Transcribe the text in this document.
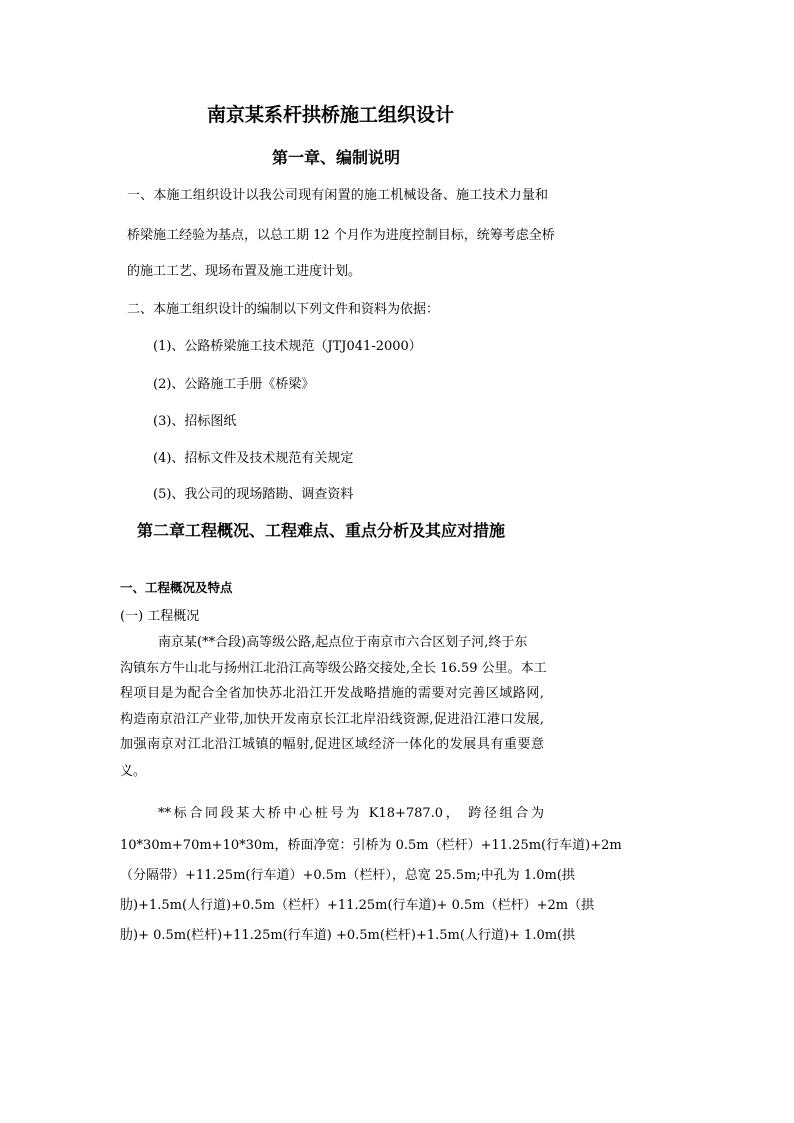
南京某系杆拱桥施工组织设计
第一章、编制说明
一、本施工组织设计以我公司现有闲置的施工机械设备、施工技术力量和
桥梁施工经验为基点，以总工期 12 个月作为进度控制目标，统筹考虑全桥
的施工工艺、现场布置及施工进度计划。
二、本施工组织设计的编制以下列文件和资料为依据：
(1)、公路桥梁施工技术规范（JTJ041-2000）
(2)、公路施工手册《桥梁》
(3)、招标图纸
(4)、招标文件及技术规范有关规定
(5)、我公司的现场踏勘、调查资料
第二章工程概况、工程难点、重点分析及其应对措施
一、工程概况及特点
(一) 工程概况
南京某(**合段)高等级公路,起点位于南京市六合区划子河,终于东
沟镇东方牛山北与扬州江北沿江高等级公路交接处,全长 16.59 公里。本工
程项目是为配合全省加快苏北沿江开发战略措施的需要对完善区域路网,
构造南京沿江产业带,加快开发南京长江北岸沿线资源,促进沿江港口发展,
加强南京对江北沿江城镇的幅射,促进区域经济一体化的发展具有重要意
义。
**标合同段某大桥中心桩号为 K18+787.0， 跨径组合为
10*30m+70m+10*30m，桥面净宽：引桥为 0.5m（栏杆）+11.25m(行车道)+2m
（分隔带）+11.25m(行车道）+0.5m（栏杆），总宽 25.5m;中孔为 1.0m(拱
肋)+1.5m(人行道)+0.5m（栏杆）+11.25m(行车道)+ 0.5m（栏杆）+2m（拱
肋)+ 0.5m(栏杆)+11.25m(行车道) +0.5m(栏杆)+1.5m(人行道)+ 1.0m(拱
